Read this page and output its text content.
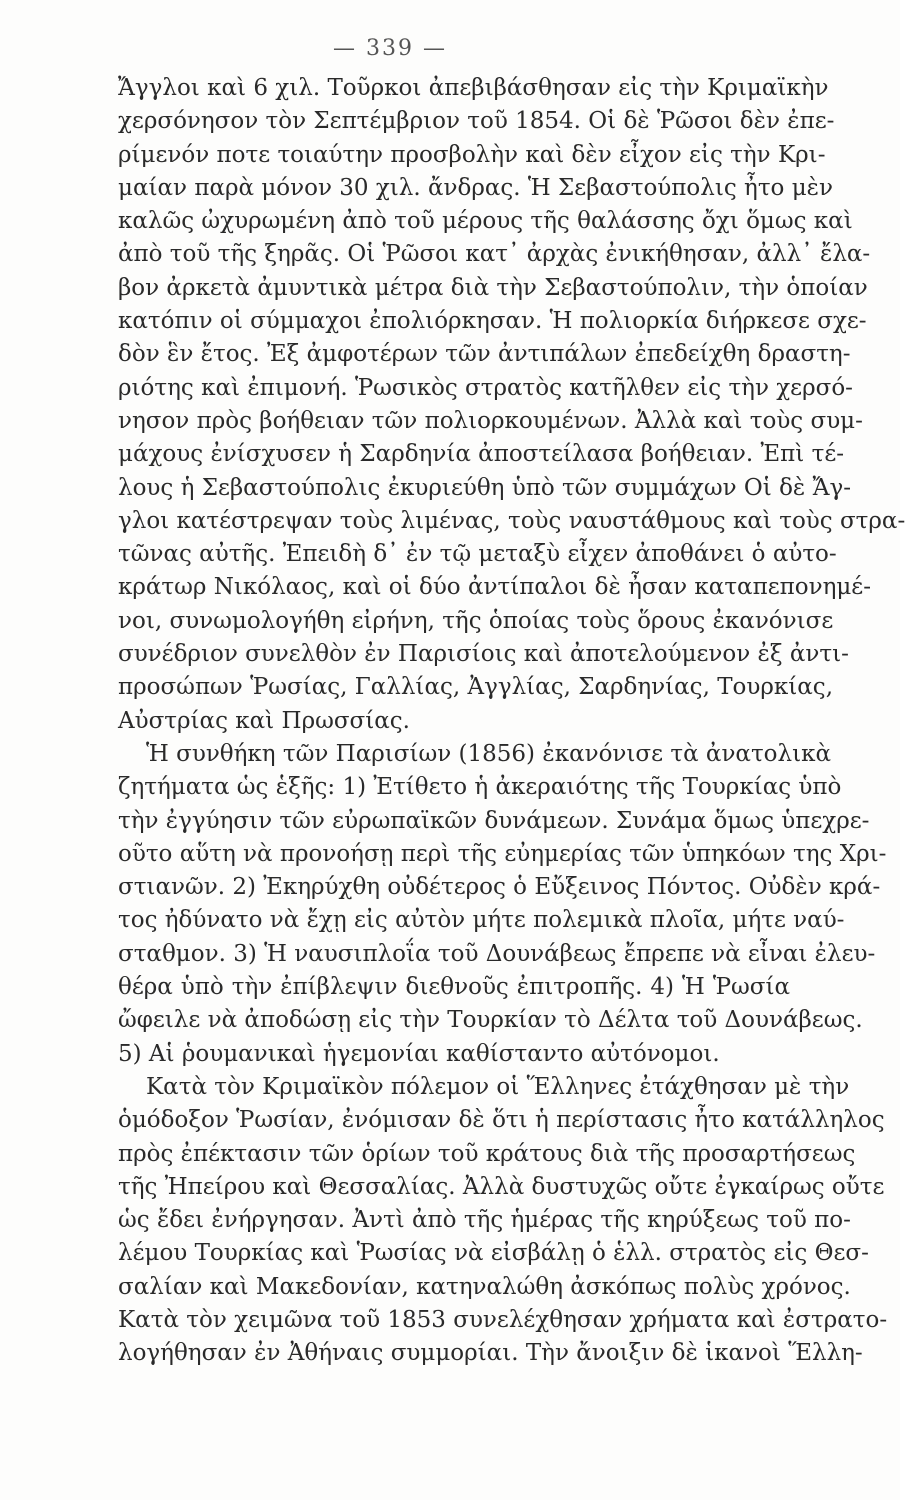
— 339 —
Ἄγγλοι καὶ 6 χιλ. Τοῦρκοι ἀπεβιβάσθησαν εἰς τὴν Κριμαϊκὴν
χερσόνησον τὸν Σεπτέμβριον τοῦ 1854. Οἱ δὲ Ῥῶσοι δὲν ἐπε-
ρίμενόν ποτε τοιαύτην προσβολὴν καὶ δὲν εἶχον εἰς τὴν Κρι-
μαίαν παρὰ μόνον 30 χιλ. ἄνδρας. Ἡ Σεβαστούπολις ἦτο μὲν
καλῶς ὠχυρωμένη ἀπὸ τοῦ μέρους τῆς θαλάσσης ὄχι ὅμως καὶ
ἀπὸ τοῦ τῆς ξηρᾶς. Οἱ Ῥῶσοι κατ᾽ ἀρχὰς ἐνικήθησαν, ἀλλ᾽ ἔλα-
βον ἀρκετὰ ἀμυντικὰ μέτρα διὰ τὴν Σεβαστούπολιν, τὴν ὁποίαν
κατόπιν οἱ σύμμαχοι ἐπολιόρκησαν. Ἡ πολιορκία διήρκεσε σχε-
δὸν ἓν ἔτος. Ἐξ ἀμφοτέρων τῶν ἀντιπάλων ἐπεδείχθη δραστη-
ριότης καὶ ἐπιμονή. Ῥωσικὸς στρατὸς κατῆλθεν εἰς τὴν χερσό-
νησον πρὸς βοήθειαν τῶν πολιορκουμένων. Ἀλλὰ καὶ τοὺς συμ-
μάχους ἐνίσχυσεν ἡ Σαρδηνία ἀποστείλασα βοήθειαν. Ἐπὶ τέ-
λους ἡ Σεβαστούπολις ἐκυριεύθη ὑπὸ τῶν συμμάχων Οἱ δὲ Ἄγ-
γλοι κατέστρεψαν τοὺς λιμένας, τοὺς ναυστάθμους καὶ τοὺς στρα-
τῶνας αὐτῆς. Ἐπειδὴ δ᾽ ἐν τῷ μεταξὺ εἶχεν ἀποθάνει ὁ αὐτο-
κράτωρ Νικόλαος, καὶ οἱ δύο ἀντίπαλοι δὲ ἦσαν καταπεπονημέ-
νοι, συνωμολογήθη εἰρήνη, τῆς ὁποίας τοὺς ὅρους ἐκανόνισε
συνέδριον συνελθὸν ἐν Παρισίοις καὶ ἀποτελούμενον ἐξ ἀντι-
προσώπων Ῥωσίας, Γαλλίας, Ἀγγλίας, Σαρδηνίας, Τουρκίας,
Αὐστρίας καὶ Πρωσσίας.
Ἡ συνθήκη τῶν Παρισίων (1856) ἐκανόνισε τὰ ἀνατολικὰ
ζητήματα ὡς ἑξῆς: 1) Ἐτίθετο ἡ ἀκεραιότης τῆς Τουρκίας ὑπὸ
τὴν ἐγγύησιν τῶν εὐρωπαϊκῶν δυνάμεων. Συνάμα ὅμως ὑπεχρε-
οῦτο αὕτη νὰ προνοήσῃ περὶ τῆς εὐημερίας τῶν ὑπηκόων της Χρι-
στιανῶν. 2) Ἐκηρύχθη οὐδέτερος ὁ Εὔξεινος Πόντος. Οὐδὲν κρά-
τος ἠδύνατο νὰ ἔχῃ εἰς αὐτὸν μήτε πολεμικὰ πλοῖα, μήτε ναύ-
σταθμον. 3) Ἡ ναυσιπλοΐα τοῦ Δουνάβεως ἔπρεπε νὰ εἶναι ἐλευ-
θέρα ὑπὸ τὴν ἐπίβλεψιν διεθνοῦς ἐπιτροπῆς. 4) Ἡ Ῥωσία
ὤφειλε νὰ ἀποδώσῃ εἰς τὴν Τουρκίαν τὸ Δέλτα τοῦ Δουνάβεως.
5) Αἱ ῥουμανικαὶ ἡγεμονίαι καθίσταντο αὐτόνομοι.
Κατὰ τὸν Κριμαϊκὸν πόλεμον οἱ Ἕλληνες ἐτάχθησαν μὲ τὴν
ὁμόδοξον Ῥωσίαν, ἐνόμισαν δὲ ὅτι ἡ περίστασις ἦτο κατάλληλος
πρὸς ἐπέκτασιν τῶν ὁρίων τοῦ κράτους διὰ τῆς προσαρτήσεως
τῆς Ἠπείρου καὶ Θεσσαλίας. Ἀλλὰ δυστυχῶς οὔτε ἐγκαίρως οὔτε
ὡς ἔδει ἐνήργησαν. Ἀντὶ ἀπὸ τῆς ἡμέρας τῆς κηρύξεως τοῦ πο-
λέμου Τουρκίας καὶ Ῥωσίας νὰ εἰσβάλῃ ὁ ἑλλ. στρατὸς εἰς Θεσ-
σαλίαν καὶ Μακεδονίαν, κατηναλώθη ἀσκόπως πολὺς χρόνος.
Κατὰ τὸν χειμῶνα τοῦ 1853 συνελέχθησαν χρήματα καὶ ἐστρατο-
λογήθησαν ἐν Ἀθήναις συμμορίαι. Τὴν ἄνοιξιν δὲ ἱκανοὶ Ἕλλη-
